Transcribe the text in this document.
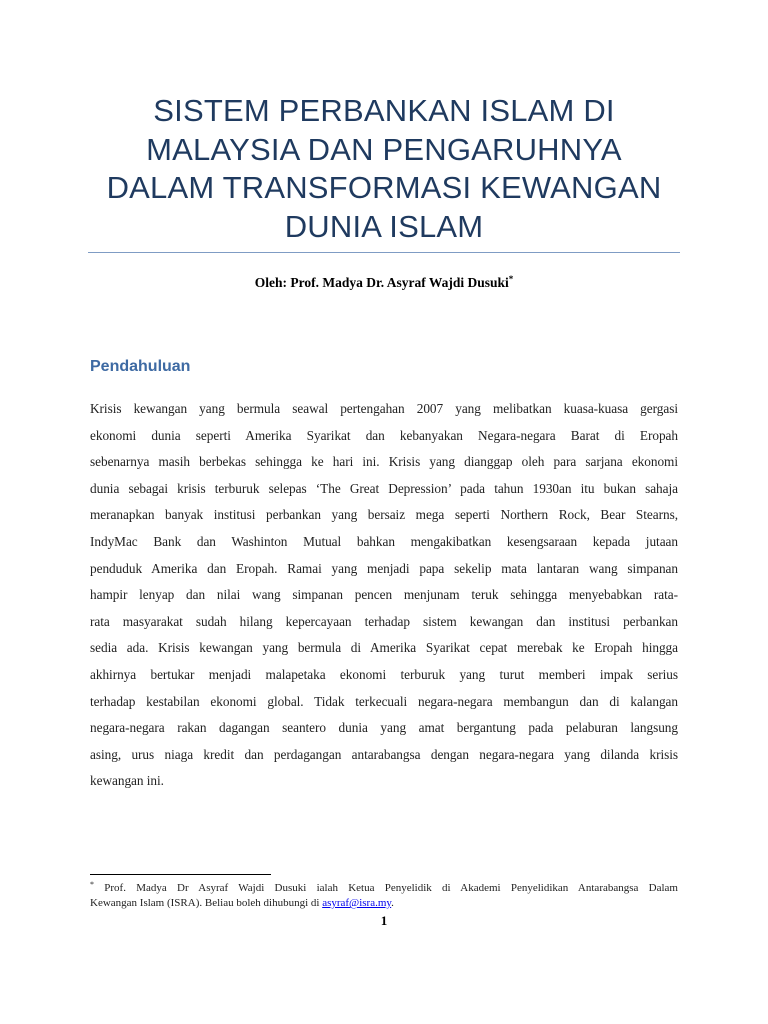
SISTEM PERBANKAN ISLAM DI
MALAYSIA DAN PENGARUHNYA
DALAM TRANSFORMASI KEWANGAN
DUNIA ISLAM
Oleh: Prof. Madya Dr. Asyraf Wajdi Dusuki*
Pendahuluan
Krisis kewangan yang bermula seawal pertengahan 2007 yang melibatkan kuasa-kuasa gergasi
ekonomi dunia seperti Amerika Syarikat dan kebanyakan Negara-negara Barat di Eropah
sebenarnya masih berbekas sehingga ke hari ini. Krisis yang dianggap oleh para sarjana ekonomi
dunia sebagai krisis terburuk selepas ‘The Great Depression’ pada tahun 1930an itu bukan sahaja
meranapkan banyak institusi perbankan yang bersaiz mega seperti Northern Rock, Bear Stearns,
IndyMac Bank dan Washinton Mutual bahkan mengakibatkan kesengsaraan kepada jutaan
penduduk Amerika dan Eropah. Ramai yang menjadi papa sekelip mata lantaran wang simpanan
hampir lenyap dan nilai wang simpanan pencen menjunam teruk sehingga menyebabkan rata-
rata masyarakat sudah hilang kepercayaan terhadap sistem kewangan dan institusi perbankan
sedia ada. Krisis kewangan yang bermula di Amerika Syarikat cepat merebak ke Eropah hingga
akhirnya bertukar menjadi malapetaka ekonomi terburuk yang turut memberi impak serius
terhadap kestabilan ekonomi global. Tidak terkecuali negara-negara membangun dan di kalangan
negara-negara rakan dagangan seantero dunia yang amat bergantung pada pelaburan langsung
asing, urus niaga kredit dan perdagangan antarabangsa dengan negara-negara yang dilanda krisis
kewangan ini.
* Prof. Madya Dr Asyraf Wajdi Dusuki ialah Ketua Penyelidik di Akademi Penyelidikan Antarabangsa Dalam
Kewangan Islam (ISRA). Beliau boleh dihubungi di asyraf@isra.my.
1
